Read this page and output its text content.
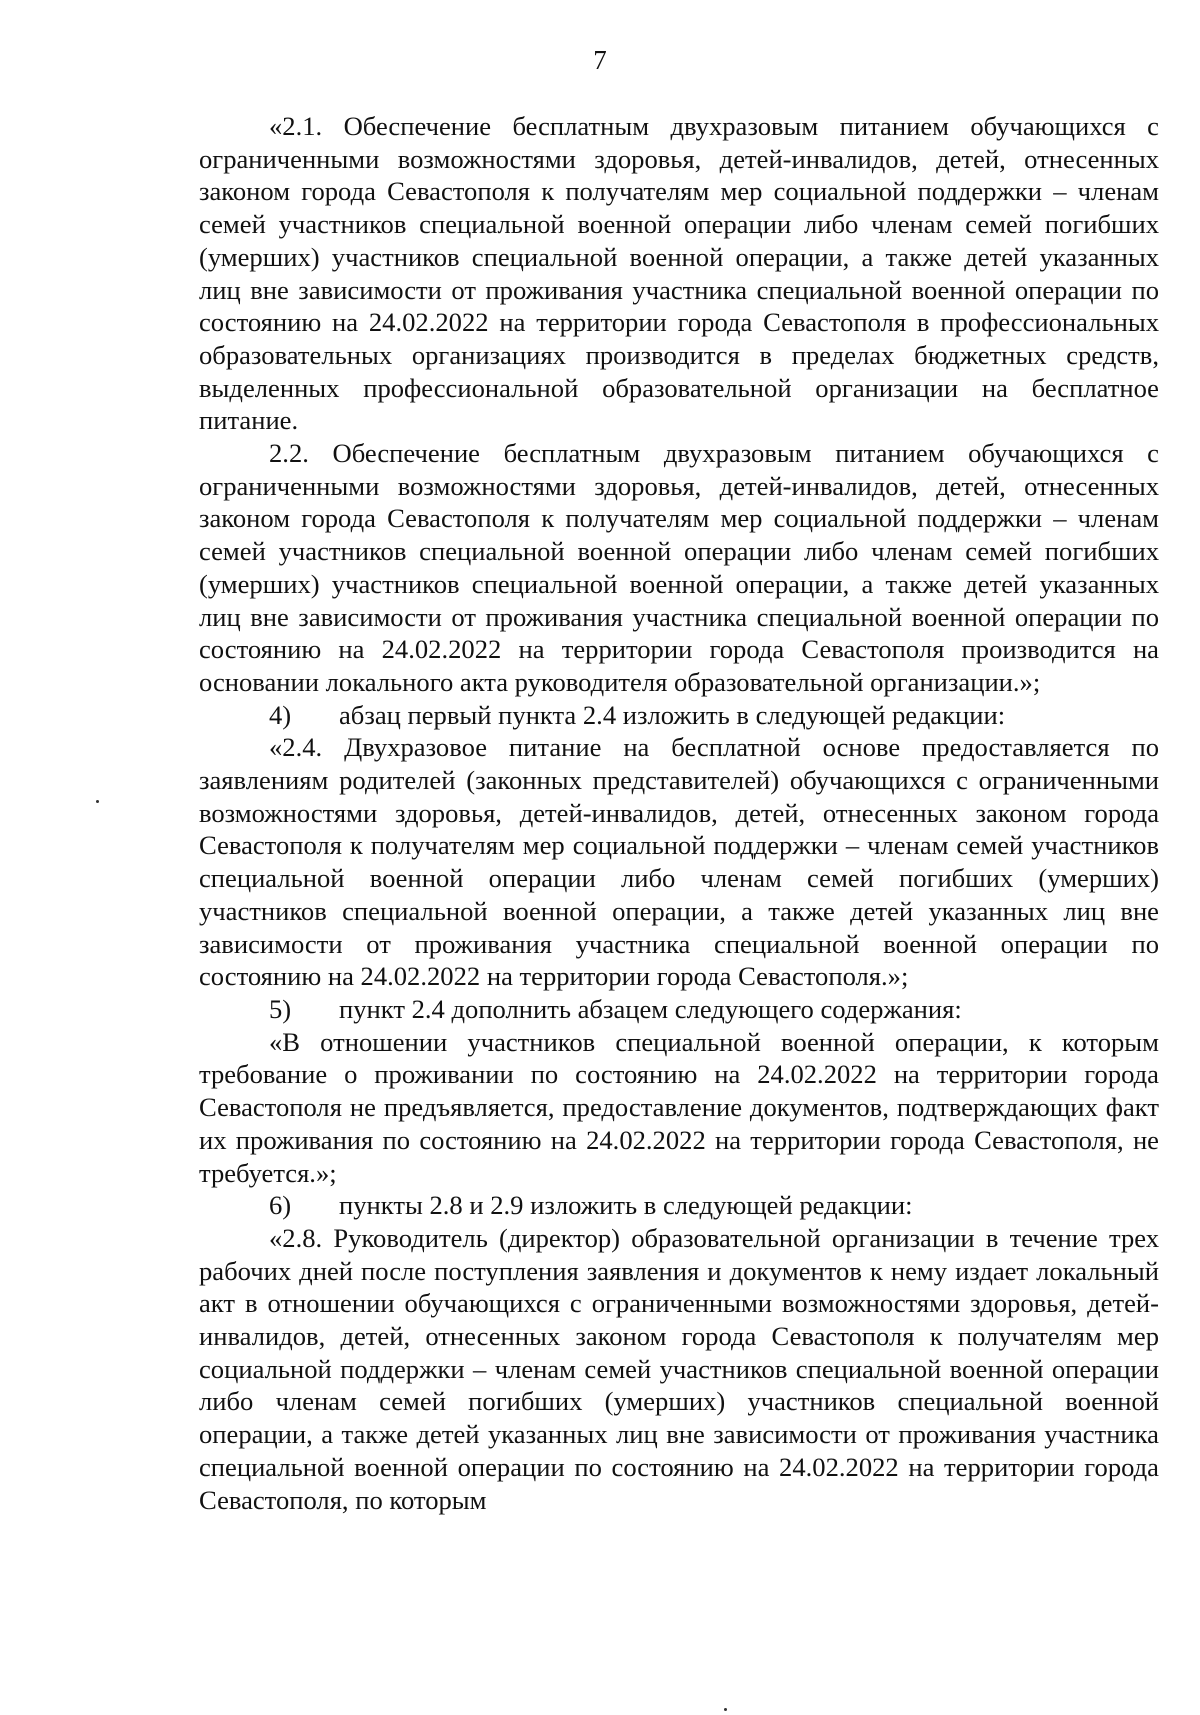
7

«2.1. Обеспечение бесплатным двухразовым питанием обучающихся с ограниченными возможностями здоровья, детей-инвалидов, детей, отнесенных законом города Севастополя к получателям мер социальной поддержки – членам семей участников специальной военной операции либо членам семей погибших (умерших) участников специальной военной операции, а также детей указанных лиц вне зависимости от проживания участника специальной военной операции по состоянию на 24.02.2022 на территории города Севастополя в профессиональных образовательных организациях производится в пределах бюджетных средств, выделенных профессиональной образовательной организации на бесплатное питание.

2.2. Обеспечение бесплатным двухразовым питанием обучающихся с ограниченными возможностями здоровья, детей-инвалидов, детей, отнесенных законом города Севастополя к получателям мер социальной поддержки – членам семей участников специальной военной операции либо членам семей погибших (умерших) участников специальной военной операции, а также детей указанных лиц вне зависимости от проживания участника специальной военной операции по состоянию на 24.02.2022 на территории города Севастополя производится на основании локального акта руководителя образовательной организации.»;

4) абзац первый пункта 2.4 изложить в следующей редакции:

«2.4. Двухразовое питание на бесплатной основе предоставляется по заявлениям родителей (законных представителей) обучающихся с ограниченными возможностями здоровья, детей-инвалидов, детей, отнесенных законом города Севастополя к получателям мер социальной поддержки – членам семей участников специальной военной операции либо членам семей погибших (умерших) участников специальной военной операции, а также детей указанных лиц вне зависимости от проживания участника специальной военной операции по состоянию на 24.02.2022 на территории города Севастополя.»;

5) пункт 2.4 дополнить абзацем следующего содержания:

«В отношении участников специальной военной операции, к которым требование о проживании по состоянию на 24.02.2022 на территории города Севастополя не предъявляется, предоставление документов, подтверждающих факт их проживания по состоянию на 24.02.2022 на территории города Севастополя, не требуется.»;

6) пункты 2.8 и 2.9 изложить в следующей редакции:

«2.8. Руководитель (директор) образовательной организации в течение трех рабочих дней после поступления заявления и документов к нему издает локальный акт в отношении обучающихся с ограниченными возможностями здоровья, детей-инвалидов, детей, отнесенных законом города Севастополя к получателям мер социальной поддержки – членам семей участников специальной военной операции либо членам семей погибших (умерших) участников специальной военной операции, а также детей указанных лиц вне зависимости от проживания участника специальной военной операции по состоянию на 24.02.2022 на территории города Севастополя, по которым
